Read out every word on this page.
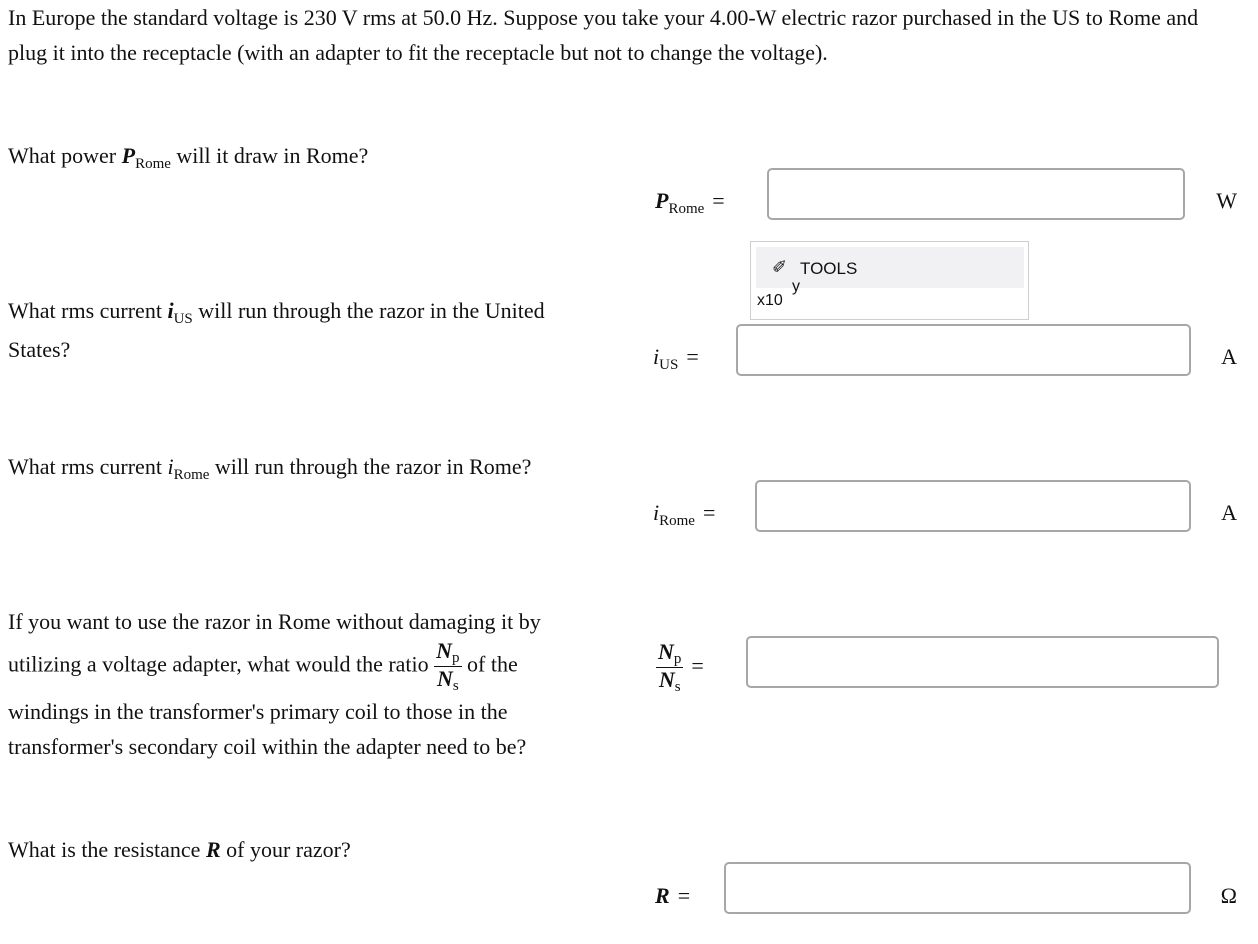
In Europe the standard voltage is 230 V rms at 50.0 Hz. Suppose you take your 4.00-W electric razor purchased in the US to Rome and plug it into the receptacle (with an adapter to fit the receptacle but not to change the voltage).
What power $P_{Rome}$ will it draw in Rome?
$P_{Rome}$ =	W
✐ TOOLS
y
x10
What rms current $i_{US}$ will run through the razor in the United States?	$i_{US}$ =	A
What rms current $i_{Rome}$ will run through the razor in Rome?
$i_{Rome}$ =	A
If you want to use the razor in Rome without damaging it by utilizing a voltage adapter, what would the ratio $\frac{Np}{Ns}$ of the windings in the transformer's primary coil to those in the transformer's secondary coil within the adapter need to be?
$\frac{Np}{Ns}$ =
What is the resistance R of your razor?
R =	Ω
